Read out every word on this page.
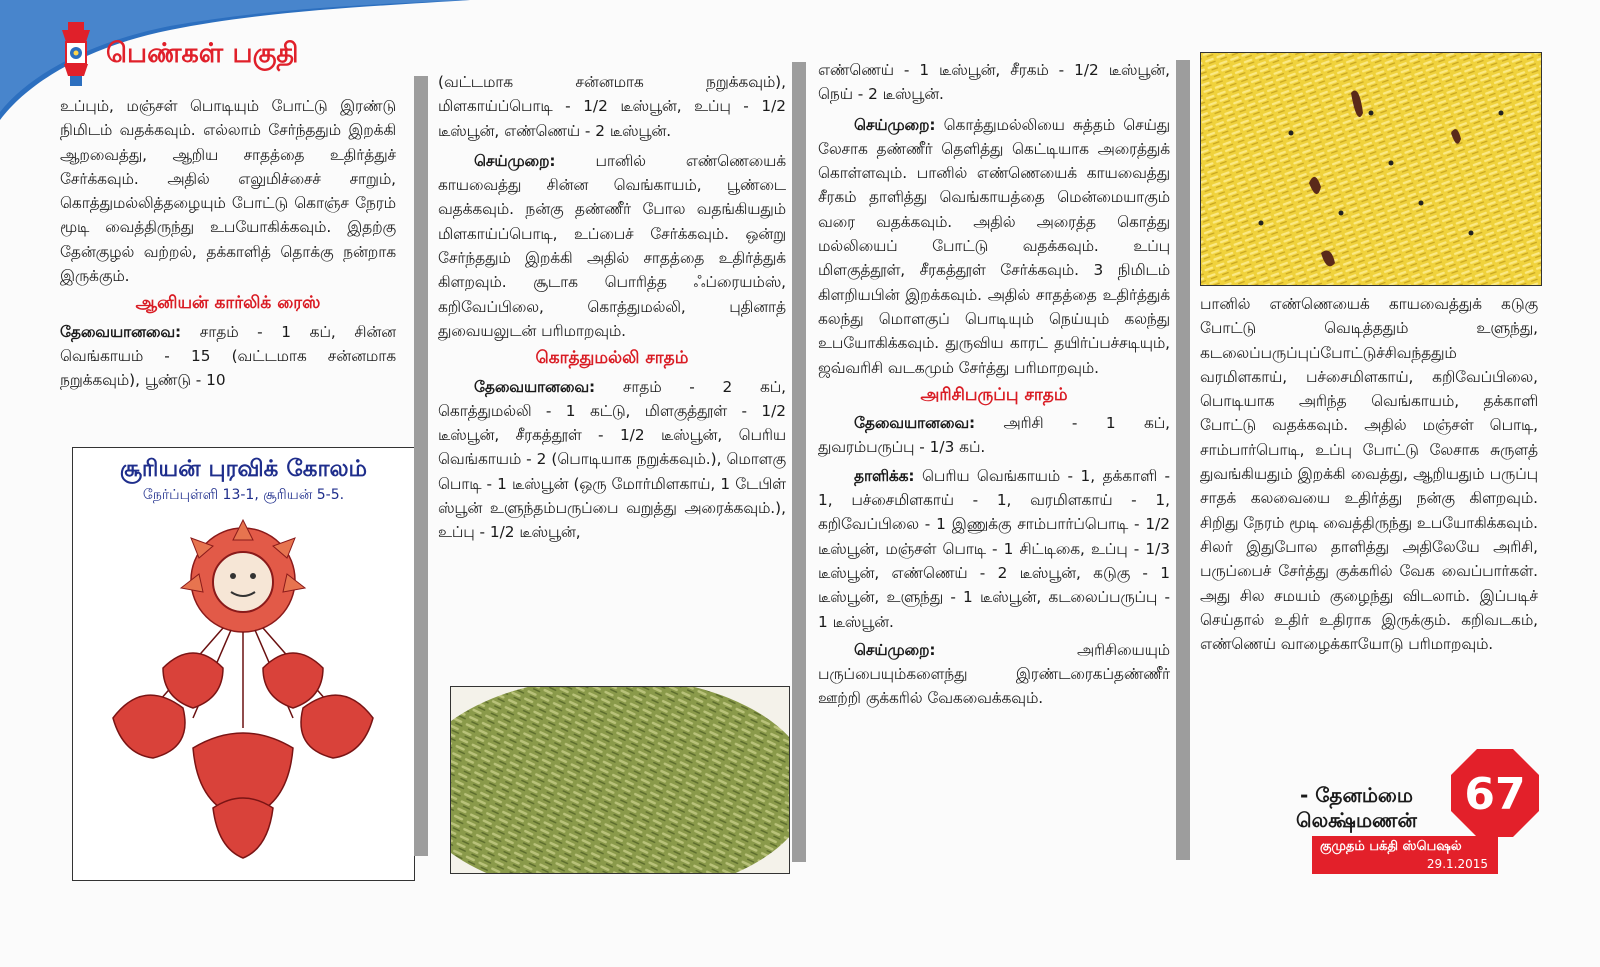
பெண்கள் பகுதி

உப்பும், மஞ்சள் பொடியும் போட்டு இரண்டு நிமிடம் வதக்கவும். எல்லாம் சேர்ந்ததும் இறக்கி ஆறவைத்து, ஆறிய சாதத்தை உதிர்த்துச் சேர்க்கவும். அதில் எலுமிச்சைச் சாறும், கொத்துமல்லித்தழையும் போட்டு கொஞ்ச நேரம் மூடி வைத்திருந்து உபயோகிக்கவும். இதற்கு தேன்குழல் வற்றல், தக்காளித் தொக்கு நன்றாக இருக்கும்.

ஆனியன் கார்லிக் ரைஸ்

தேவையானவை: சாதம் - 1 கப், சின்ன வெங்காயம் - 15 (வட்டமாக சன்னமாக நறுக்கவும்), பூண்டு - 10

சூரியன் புரவிக் கோலம்
நேர்ப்புள்ளி 13-1, சூரியன் 5-5.

(வட்டமாக சன்னமாக நறுக்கவும்), மிளகாய்ப்பொடி - 1/2 டீஸ்பூன், உப்பு - 1/2 டீஸ்பூன், எண்ணெய் - 2 டீஸ்பூன்.

செய்முறை:	பானில் எண்ணெயைக் காயவைத்து சின்ன வெங்காயம், பூண்டை வதக்கவும். நன்கு தண்ணீர் போல வதங்கியதும் மிளகாய்ப்பொடி, உப்பைச் சேர்க்கவும். ஒன்று சேர்ந்ததும் இறக்கி அதில் சாதத்தை உதிர்த்துக் கிளறவும். சூடாக பொரித்த ஃப்ரையம்ஸ், கறிவேப்பிலை, கொத்துமல்லி, புதினாத் துவையலுடன் பரிமாறவும்.

கொத்துமல்லி சாதம்

தேவையானவை: சாதம் - 2 கப், கொத்துமல்லி - 1 கட்டு, மிளகுத்தூள் - 1/2 டீஸ்பூன், சீரகத்தூள் - 1/2 டீஸ்பூன், பெரிய வெங்காயம் - 2 (பொடியாக நறுக்கவும்.), மொளகு பொடி - 1 டீஸ்பூன் (ஒரு மோர்மிளகாய், 1 டேபிள் ஸ்பூன் உளுந்தம்பருப்பை வறுத்து அரைக்கவும்.), உப்பு - 1/2 டீஸ்பூன்,

எண்ணெய் - 1 டீஸ்பூன், சீரகம் - 1/2 டீஸ்பூன், நெய் - 2 டீஸ்பூன்.

செய்முறை: கொத்துமல்லியை சுத்தம் செய்து லேசாக தண்ணீர் தெளித்து கெட்டியாக அரைத்துக் கொள்ளவும். பானில் எண்ணெயைக் காயவைத்து சீரகம் தாளித்து வெங்காயத்தை மென்மையாகும் வரை வதக்கவும். அதில் அரைத்த கொத்து மல்லியைப் போட்டு வதக்கவும். உப்பு மிளகுத்தூள், சீரகத்தூள் சேர்க்கவும். 3 நிமிடம் கிளறியபின் இறக்கவும். அதில் சாதத்தை உதிர்த்துக் கலந்து மொளகுப் பொடியும் நெய்யும் கலந்து உபயோகிக்கவும். துருவிய காரட் தயிர்ப்பச்சடியும், ஜவ்வரிசி வடகமும் சேர்த்து பரிமாறவும்.

அரிசிபருப்பு சாதம்

தேவையானவை: அரிசி - 1 கப், துவரம்பருப்பு - 1/3 கப்.

தாளிக்க: பெரிய வெங்காயம் - 1, தக்காளி - 1, பச்சைமிளகாய் - 1, வரமிளகாய் - 1, கறிவேப்பிலை - 1 இணுக்கு சாம்பார்ப்பொடி - 1/2 டீஸ்பூன், மஞ்சள் பொடி - 1 சிட்டிகை, உப்பு - 1/3 டீஸ்பூன், எண்ணெய் - 2 டீஸ்பூன், கடுகு - 1 டீஸ்பூன், உளுந்து - 1 டீஸ்பூன், கடலைப்பருப்பு - 1 டீஸ்பூன்.

செய்முறை:	அரிசியையும் பருப்பையும்களைந்து இரண்டரைகப்தண்ணீர் ஊற்றி குக்கரில் வேகவைக்கவும்.

பானில் எண்ணெயைக் காயவைத்துக் கடுகு போட்டு வெடித்ததும் உளுந்து, கடலைப்பருப்புப்போட்டுச்சிவந்ததும் வரமிளகாய், பச்சைமிளகாய், கறிவேப்பிலை, பொடியாக அரிந்த வெங்காயம், தக்காளி போட்டு வதக்கவும். அதில் மஞ்சள் பொடி, சாம்பார்பொடி, உப்பு போட்டு லேசாக சுருளத் துவங்கியதும் இறக்கி வைத்து, ஆறியதும் பருப்பு சாதக் கலவையை உதிர்த்து நன்கு கிளறவும். சிறிது நேரம் மூடி வைத்திருந்து உபயோகிக்கவும். சிலர் இதுபோல தாளித்து அதிலேயே அரிசி, பருப்பைச் சேர்த்து குக்கரில் வேக வைப்பார்கள். அது சில சமயம் குழைந்து விடலாம். இப்படிச் செய்தால் உதிர் உதிராக இருக்கும். கறிவடகம், எண்ணெய் வாழைக்காயோடு பரிமாறவும்.

- தேனம்மை
லெக்ஷ்மணன் 67
குமுதம் பக்தி ஸ்பெஷல்
29.1.2015
